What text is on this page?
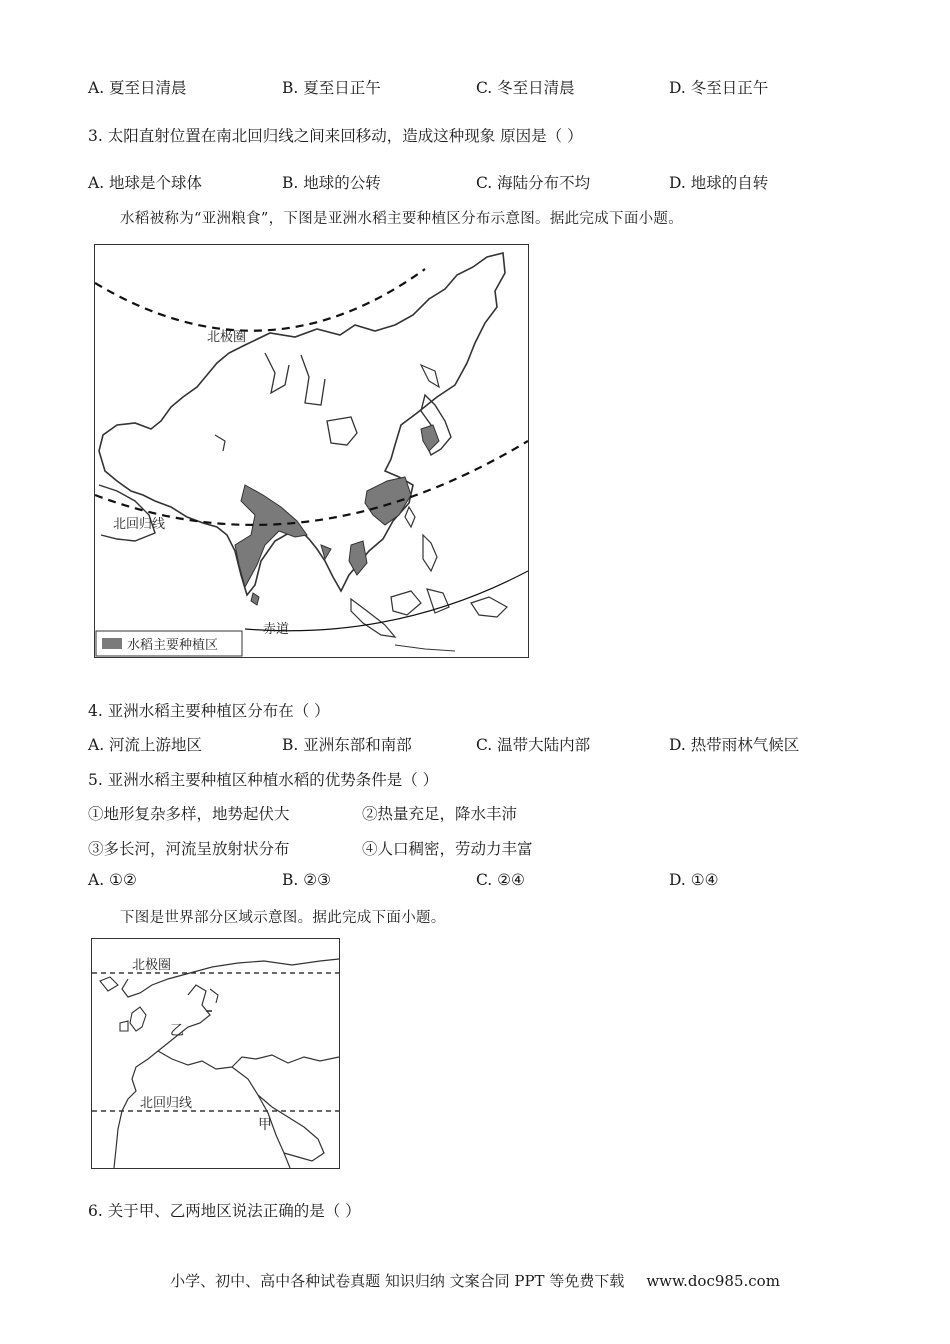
A. 夏至日清晨	B. 夏至日正午	C. 冬至日清晨	D. 冬至日正午
3. 太阳直射位置在南北回归线之间来回移动，造成这种现象 原因是（ ）
A. 地球是个球体	B. 地球的公转	C. 海陆分布不均	D. 地球的自转
水稻被称为“亚洲粮食”，下图是亚洲水稻主要种植区分布示意图。据此完成下面小题。
北极圈
北回归线
赤道
水稻主要种植区
4. 亚洲水稻主要种植区分布在（ ）
A. 河流上游地区	B. 亚洲东部和南部	C. 温带大陆内部	D. 热带雨林气候区
5. 亚洲水稻主要种植区种植水稻的优势条件是（ ）
①地形复杂多样，地势起伏大	②热量充足，降水丰沛
③多长河，河流呈放射状分布	④人口稠密，劳动力丰富
A. ①②	B. ②③	C. ②④	D. ①④
下图是世界部分区域示意图。据此完成下面小题。
北极圈
北回归线
乙
甲
6. 关于甲、乙两地区说法正确的是（ ）
小学、初中、高中各种试卷真题 知识归纳 文案合同 PPT 等免费下载 www.doc985.com
